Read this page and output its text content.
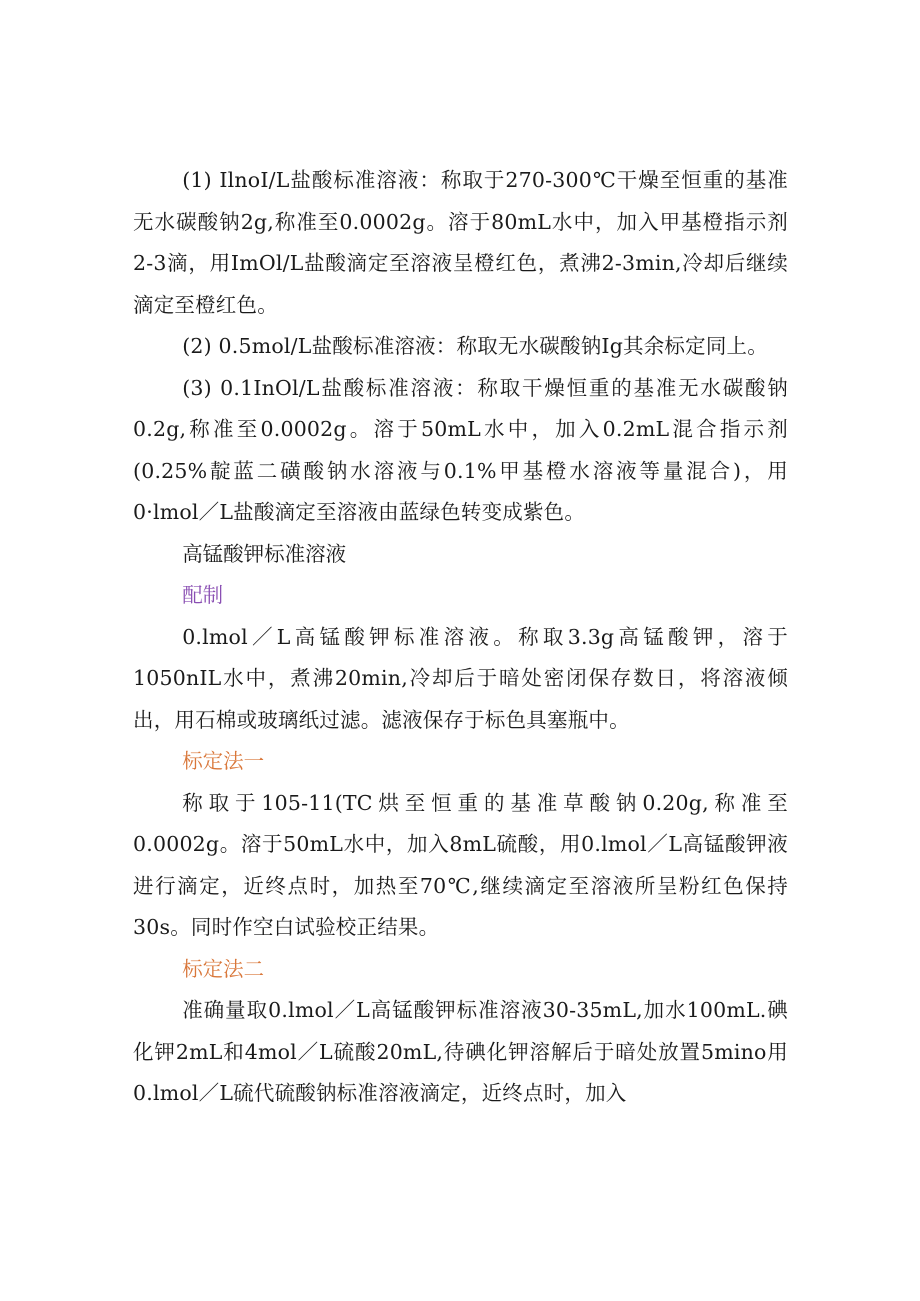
(1) IlnoI/L盐酸标准溶液：称取于270-300℃干燥至恒重的基准无水碳酸钠2g,称准至0.0002g。溶于80mL水中，加入甲基橙指示剂2-3滴，用ImOl/L盐酸滴定至溶液呈橙红色，煮沸2-3min,冷却后继续滴定至橙红色。

(2) 0.5mol/L盐酸标准溶液：称取无水碳酸钠Ig其余标定同上。

(3) 0.1InOl/L盐酸标准溶液：称取干燥恒重的基准无水碳酸钠0.2g,称准至0.0002g。溶于50mL水中，加入0.2mL混合指示剂(0.25%靛蓝二磺酸钠水溶液与0.1%甲基橙水溶液等量混合)，用0·lmol／L盐酸滴定至溶液由蓝绿色转变成紫色。

高锰酸钾标准溶液

配制

0.lmol／L高锰酸钾标准溶液。称取3.3g高锰酸钾，溶于1050nIL水中，煮沸20min,冷却后于暗处密闭保存数日，将溶液倾出，用石棉或玻璃纸过滤。滤液保存于标色具塞瓶中。

标定法一

称取于105-11(TC烘至恒重的基准草酸钠0.20g,称准至0.0002g。溶于50mL水中，加入8mL硫酸，用0.lmol／L高锰酸钾液进行滴定，近终点时，加热至70℃,继续滴定至溶液所呈粉红色保持30s。同时作空白试验校正结果。

标定法二

准确量取0.lmol／L高锰酸钾标准溶液30-35mL,加水100mL.碘化钾2mL和4mol／L硫酸20mL,待碘化钾溶解后于暗处放置5mino用0.lmol／L硫代硫酸钠标准溶液滴定，近终点时，加入
